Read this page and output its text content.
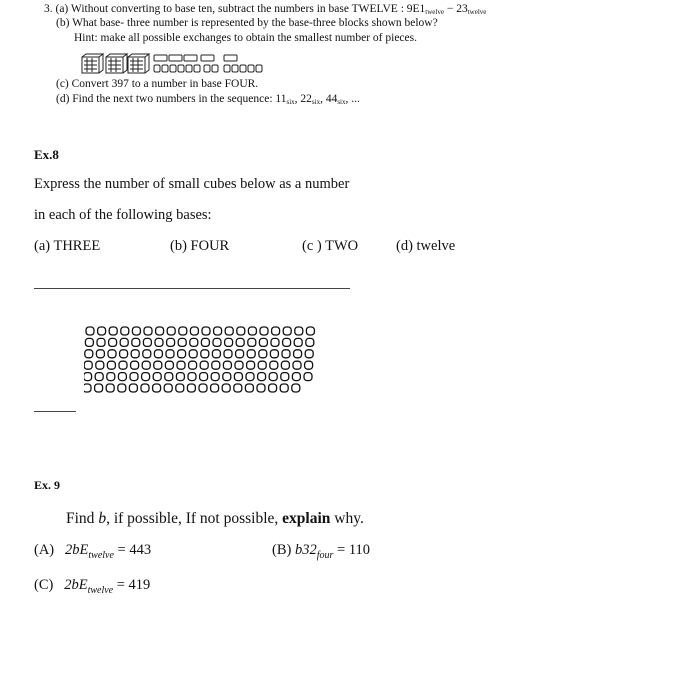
3. (a) Without converting to base ten, subtract the numbers in base TWELVE : 9E1twelve − 23twelve
(b) What base- three number is represented by the base-three blocks shown below?
Hint: make all possible exchanges to obtain the smallest number of pieces.
(c) Convert 397 to a number in base FOUR.
(d) Find the next two numbers in the sequence: 11six, 22six, 44six, ...
Ex.8
Express the number of small cubes below as a number
in each of the following bases:
(a) THREE	(b) FOUR	(c ) TWO	(d) twelve
Ex. 9
Find b, if possible, If not possible, explain why.
(A) $2bE_{twelve} = 443$	(B) $b32_{four} = 110$
(C) $2bE_{twelve} = 419$
